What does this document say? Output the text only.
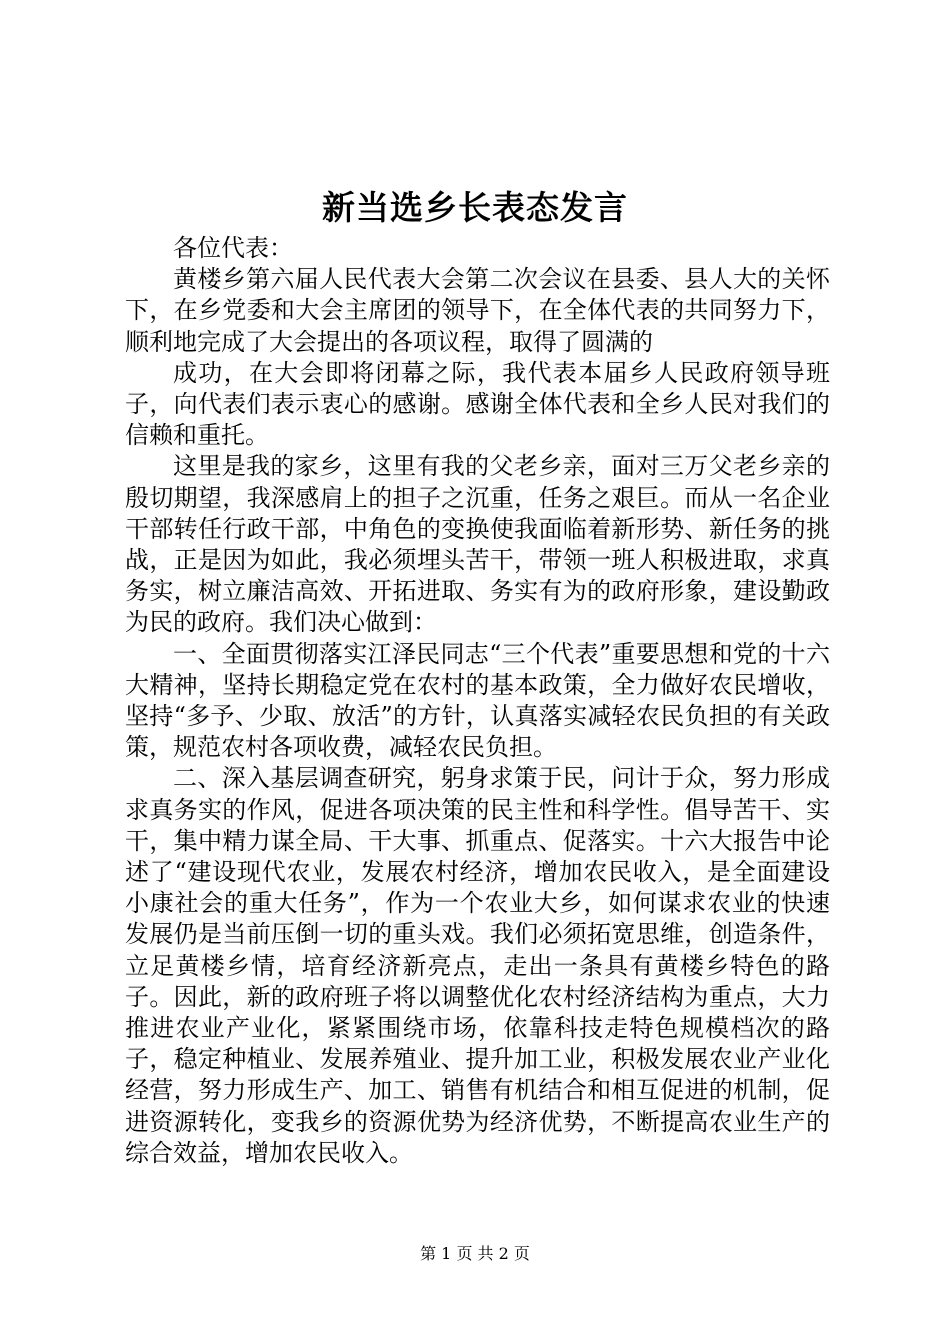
新当选乡长表态发言

各位代表：

黄楼乡第六届人民代表大会第二次会议在县委、县人大的关怀下，在乡党委和大会主席团的领导下，在全体代表的共同努力下，顺利地完成了大会提出的各项议程，取得了圆满的

成功，在大会即将闭幕之际，我代表本届乡人民政府领导班子，向代表们表示衷心的感谢。感谢全体代表和全乡人民对我们的信赖和重托。

这里是我的家乡，这里有我的父老乡亲，面对三万父老乡亲的殷切期望，我深感肩上的担子之沉重，任务之艰巨。而从一名企业干部转任行政干部，中角色的变换使我面临着新形势、新任务的挑战，正是因为如此，我必须埋头苦干，带领一班人积极进取，求真务实，树立廉洁高效、开拓进取、务实有为的政府形象，建设勤政为民的政府。我们决心做到：

一、全面贯彻落实江泽民同志“三个代表”重要思想和党的十六大精神，坚持长期稳定党在农村的基本政策，全力做好农民增收，坚持“多予、少取、放活”的方针，认真落实减轻农民负担的有关政策，规范农村各项收费，减轻农民负担。

二、深入基层调查研究，躬身求策于民，问计于众，努力形成求真务实的作风，促进各项决策的民主性和科学性。倡导苦干、实干，集中精力谋全局、干大事、抓重点、促落实。十六大报告中论述了“建设现代农业，发展农村经济，增加农民收入，是全面建设小康社会的重大任务”，作为一个农业大乡，如何谋求农业的快速发展仍是当前压倒一切的重头戏。我们必须拓宽思维，创造条件，立足黄楼乡情，培育经济新亮点，走出一条具有黄楼乡特色的路子。因此，新的政府班子将以调整优化农村经济结构为重点，大力推进农业产业化，紧紧围绕市场，依靠科技走特色规模档次的路子，稳定种植业、发展养殖业、提升加工业，积极发展农业产业化经营，努力形成生产、加工、销售有机结合和相互促进的机制，促进资源转化，变我乡的资源优势为经济优势，不断提高农业生产的综合效益，增加农民收入。

第 1 页 共 2 页
